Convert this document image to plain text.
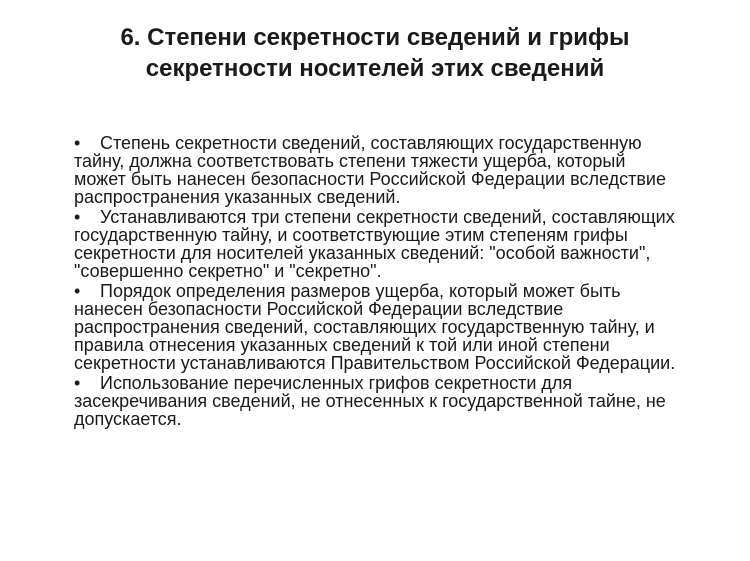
6. Степени секретности сведений и грифы
секретности носителей этих сведений
• Степень секретности сведений, составляющих государственную
тайну, должна соответствовать степени тяжести ущерба, который
может быть нанесен безопасности Российской Федерации вследствие
распространения указанных сведений.
• Устанавливаются три степени секретности сведений, составляющих
государственную тайну, и соответствующие этим степеням грифы
секретности для носителей указанных сведений: "особой важности",
"совершенно секретно" и "секретно".
• Порядок определения размеров ущерба, который может быть
нанесен безопасности Российской Федерации вследствие
распространения сведений, составляющих государственную тайну, и
правила отнесения указанных сведений к той или иной степени
секретности устанавливаются Правительством Российской Федерации.
• Использование перечисленных грифов секретности для
засекречивания сведений, не отнесенных к государственной тайне, не
допускается.
